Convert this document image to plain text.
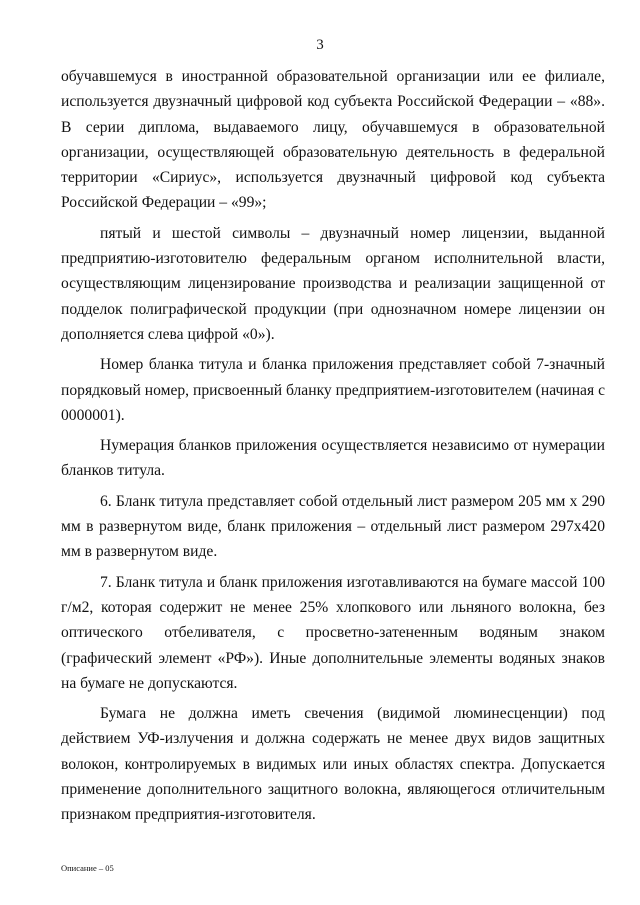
3

обучавшемуся в иностранной образовательной организации или ее филиале, используется двузначный цифровой код субъекта Российской Федерации – «88». В серии диплома, выдаваемого лицу, обучавшемуся в образовательной организации, осуществляющей образовательную деятельность в федеральной территории «Сириус», используется двузначный цифровой код субъекта Российской Федерации – «99»;

пятый и шестой символы – двузначный номер лицензии, выданной предприятию-изготовителю федеральным органом исполнительной власти, осуществляющим лицензирование производства и реализации защищенной от подделок полиграфической продукции (при однозначном номере лицензии он дополняется слева цифрой «0»).

Номер бланка титула и бланка приложения представляет собой 7-значный порядковый номер, присвоенный бланку предприятием-изготовителем (начиная с 0000001).

Нумерация бланков приложения осуществляется независимо от нумерации бланков титула.

6. Бланк титула представляет собой отдельный лист размером 205 мм х 290 мм в развернутом виде, бланк приложения – отдельный лист размером 297х420 мм в развернутом виде.

7. Бланк титула и бланк приложения изготавливаются на бумаге массой 100 г/м2, которая содержит не менее 25% хлопкового или льняного волокна, без оптического отбеливателя, с просветно-затененным водяным знаком (графический элемент «РФ»). Иные дополнительные элементы водяных знаков на бумаге не допускаются.

Бумага не должна иметь свечения (видимой люминесценции) под действием УФ-излучения и должна содержать не менее двух видов защитных волокон, контролируемых в видимых или иных областях спектра. Допускается применение дополнительного защитного волокна, являющегося отличительным признаком предприятия-изготовителя.

Описание – 05
